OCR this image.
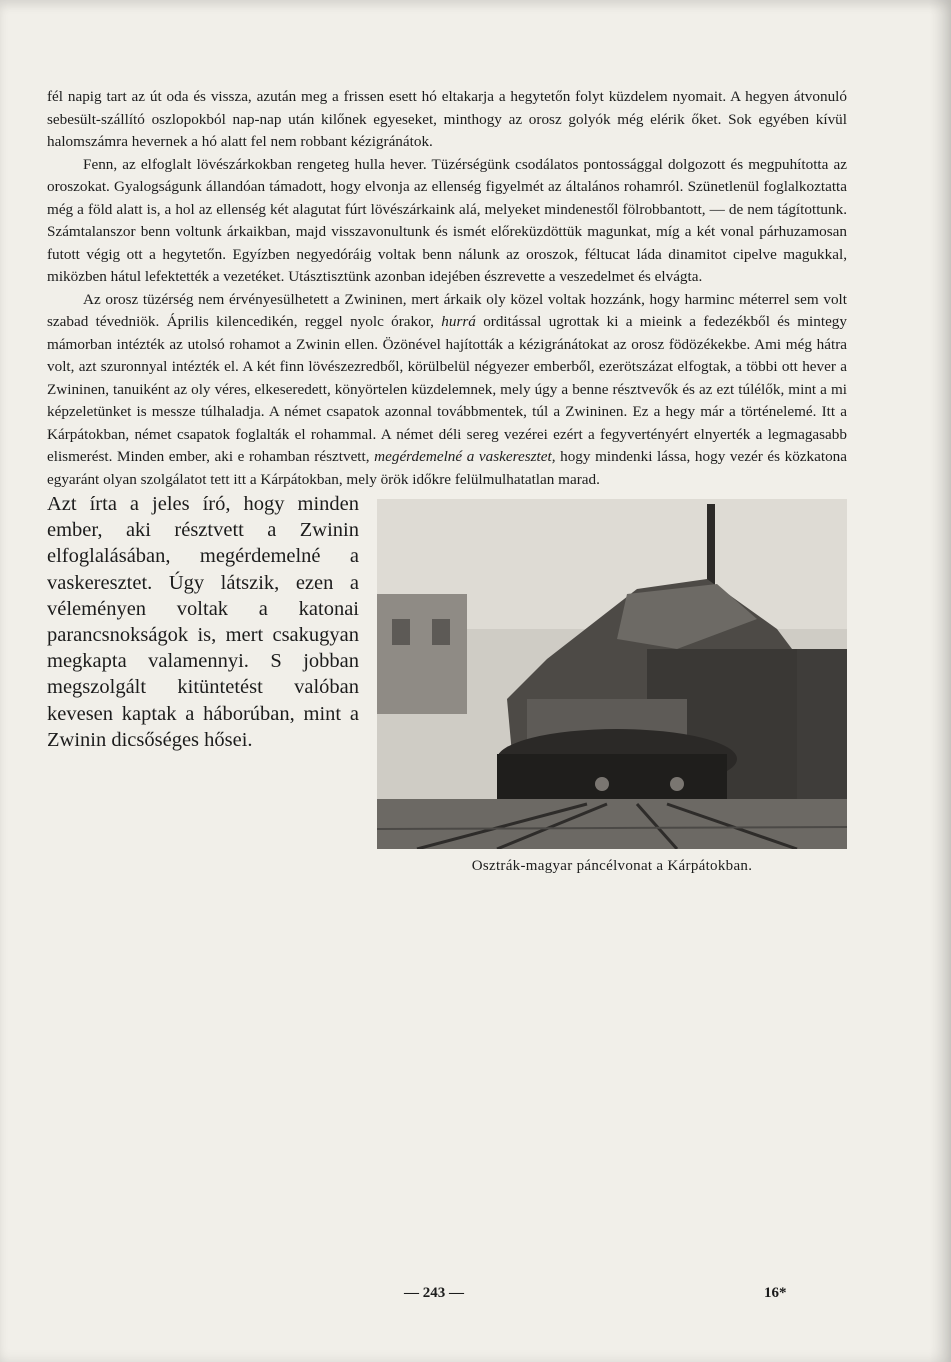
fél napig tart az út oda és vissza, azután meg a frissen esett hó eltakarja a hegytetőn folyt küzdelem nyomait. A hegyen átvonuló sebesült-szállító oszlopokból nap-nap után kilőnek egyeseket, minthogy az orosz golyók még elérik őket. Sok egyében kívül halomszámra hevernek a hó alatt fel nem robbant kézigránátok.

Fenn, az elfoglalt lövészárkokban rengeteg hulla hever. Tüzérségünk csodálatos pontossággal dolgozott és megpuhította az oroszokat. Gyalogságunk állandóan támadott, hogy elvonja az ellenség figyelmét az általános rohamról. Szünetlenül foglalkoztatta még a föld alatt is, a hol az ellenség két alagutat fúrt lövészárkaink alá, melyeket mindenestől fölrobbantott, — de nem tágítottunk. Számtalanszor benn voltunk árkaikban, majd visszavonultunk és ismét előreküzdöttük magunkat, míg a két vonal párhuzamosan futott végig ott a hegytetőn. Egyízben negyedóráig voltak benn nálunk az oroszok, féltucat láda dinamitot cipelve magukkal, miközben hátul lefektették a vezetéket. Utásztisztünk azonban idejében észrevette a veszedelmet és elvágta.

Az orosz tüzérség nem érvényesülhetett a Zwininen, mert árkaik oly közel voltak hozzánk, hogy harminc méterrel sem volt szabad tévedniök. Április kilencedikén, reggel nyolc órakor, hurrá orditással ugrottak ki a mieink a fedezékből és mintegy mámorban intézték az utolsó rohamot a Zwinin ellen. Özönével hajították a kézigránátokat az orosz födözékekbe. Ami még hátra volt, azt szuronnyal intézték el. A két finn lövészezredből, körülbelül négyezer emberből, ezerötszázat elfogtak, a többi ott hever a Zwininen, tanuiként az oly véres, elkeseredett, könyörtelen küzdelemnek, mely úgy a benne résztvevők és az ezt túlélők, mint a mi képzeletünket is messze túlhaladja. A német csapatok azonnal továbbmentek, túl a Zwininen. Ez a hegy már a történelemé. Itt a Kárpátokban, német csapatok foglalták el rohammal. A német déli sereg vezérei ezért a fegyvertényért elnyerték a legmagasabb elismerést. Minden ember, aki e rohamban résztvett, megérdemelné a vaskeresztet, hogy mindenki lássa, hogy vezér és közkatona egyaránt olyan szolgálatot tett itt a Kárpátokban, mely örök időkre felülmulhatatlan marad.

Osztrák-magyar páncélvonat a Kárpátokban.

Azt írta a jeles író, hogy minden ember, aki résztvett a Zwinin elfoglalásában, megérdemelné a vaskeresztet. Úgy látszik, ezen a véleményen voltak a katonai parancsnokságok is, mert csakugyan megkapta valamennyi. S jobban megszolgált kitüntetést valóban kevesen kaptak a háborúban, mint a Zwinin dicsőséges hősei.

— 243 —	16*
